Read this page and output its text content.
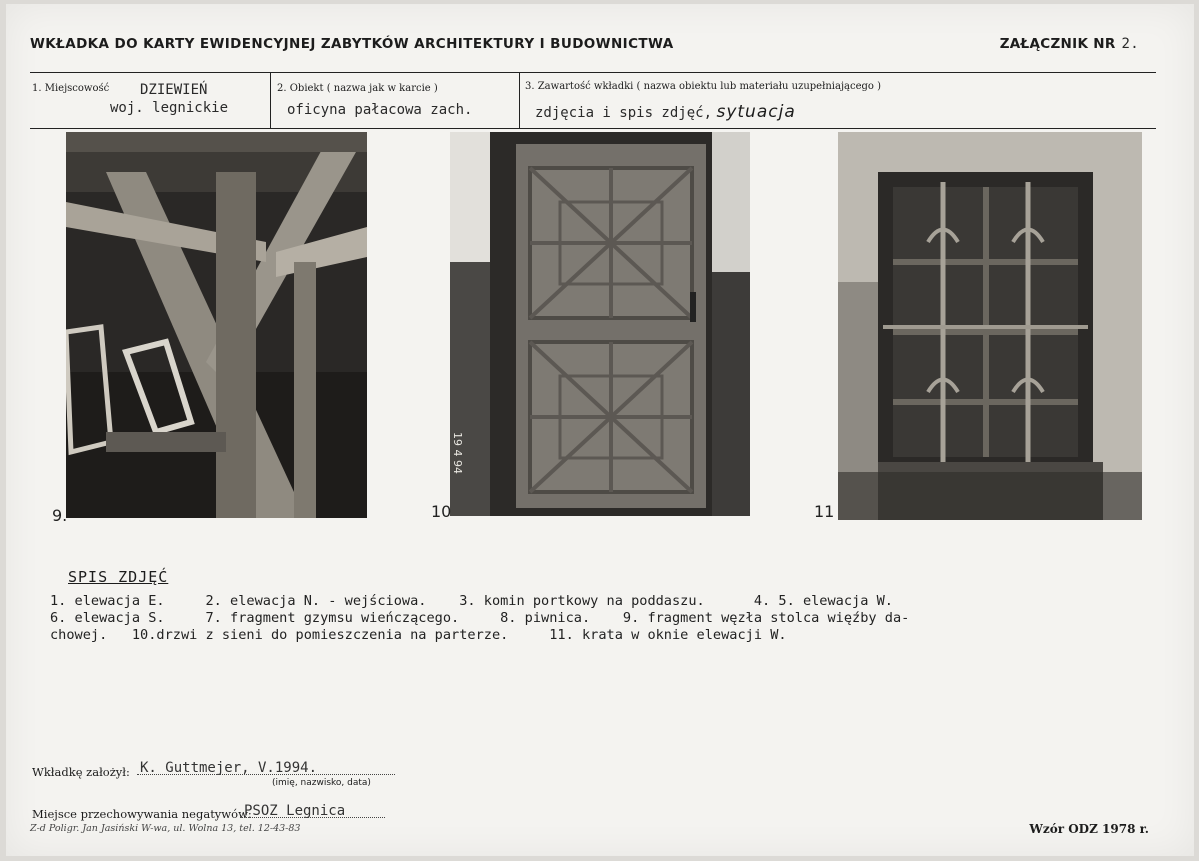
WKŁADKA DO KARTY EWIDENCYJNEJ ZABYTKÓW ARCHITEKTURY I BUDOWNICTWA	ZAŁĄCZNIK NR 2.
1. Miejscowość DZIEWIEŃ
woj. legnickie
2. Obiekt ( nazwa jak w karcie )
oficyna pałacowa zach.
3. Zawartość wkładki ( nazwa obiektu lub materiału uzupełniającego )
zdjęcia i spis zdjęć, sytuacja
9.
19 4 94
10	11
SPIS ZDJĘĆ
1. elewacja E.     2. elewacja N. - wejściowa.    3. komin portkowy na poddaszu.      4. 5. elewacja W.
6. elewacja S.     7. fragment gzymsu wieńczącego.     8. piwnica.    9. fragment węzła stolca więźby da-
chowej.   10.drzwi z sieni do pomieszczenia na parterze.     11. krata w oknie elewacji W.
Wkładkę założył: K. Guttmejer, V.1994.
(imię, nazwisko, data)
Miejsce przechowywania negatywów:
PSOZ Legnica
Z-d Poligr. Jan Jasiński W-wa, ul. Wolna 13, tel. 12-43-83	Wzór ODZ 1978 r.
